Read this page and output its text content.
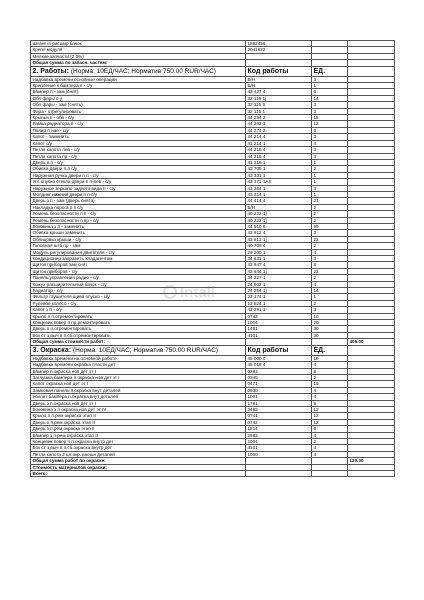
Шланг in расшир бачок	1862456		
Крепл модуля	2041622		
Мелкие запчасти (2.0%)			
Общая сумма по запасн. частям:			
2. Работы: (Норма: 10ЕД/ЧАС; Норматив 750.00 RUR/ЧАС)	Код работы	ЕД.	
Надбавка времени основные операции	Б/Н	3	
Крепление к бамперa п - с/у	Б/Н	1	
Бампер п - зам (снят)	43 427 4	6	
Обл фары с-у	32 116 1]	14	
Обл фары - зам (снять)	32 116 5	3	
Фара - отрегулировать	32 115 1	3	
Крылья п - оба - с/у	44 254 2	15	
Рамка радиатора п - с/у	44 263 3	12	
Полир п нае - с/у	44 274 2	6	
Капот - заменить	44 214 4	3	
Капот с/у	41 214 1	4	
Петля капота лев - с/у	44 216 4	3	
Петля капота пр - с/у	44 216 4	3	
Дверь п.п - с/у	41 316 1	1	
Обивка двери п.п с/у	43 705 1	2	
Наружная ручка двери п п - с/у	43 331 1	1	
Угл опуско стекла двери п п-лев - с/у	43 371 1AX	1	
Наружное зеркало заднего вида п - с/у	43 364 1	3	
Молдинг нижний двери п п-с/у	43 314 1	1	
Дверь з п - зам (дверь снята)	44 414 4	21	
Накладка порога п п с/у	Б/Н	2	
Ремень безопасности п п - с/у	40 222 1]	2	
Ремень безопасности п пр - с/у	40 222 1]	2	
Боковина з п - заменить	44 510 8	99	
Обивка крыши заменить	43 612 4	3	
Облицовка крыши - с/у	43 613 1]	22	
Головная штб пр - зам	40 708 4	2	
Модуль регулирования двигателя - с/у	29 200 1	4	
Кондиционер заправить хладагентом	34 631 1	3	
Щиток приборов зам снят	43 647 4	8	
Щиток приборов - с/у	43 644 1]	22	
Панель управления радио - с/у	34 227 1	2	
Кожух расширительный бачок - с/у	24 602 1	4	
Радиатор - с/у	24 254 1]	14	
Фильтр глушителя щива опуско - с/у	23 174 1	1	
Рулевое колесо - с/у	13 524 1	2	
Капот з п - с/у	43 281 1	3	
Крыло п п.отремонтировать	0743	10	
Концевик повер п пр.ремонтировать	1004	20	
Дверь п п.отремонтировать	1481	30	
Бок ст з выч п п.сб.отремонтировать	4101	30	
Общая сумма стоимости работ:			405.00
3. Окраска: (Норма: 10ЕД/ЧАС; Норматив 750.00 RUR/ЧАС)	Код работы	ЕД.	
Надбавка времени на основной работе	45 000 0	19	
Надбавка времени окраска пласти дет	45 018 4	4	
Бампер п.окраска нов дет эт I	0283	8	
Заглушка бампера п.окраска нов дет эт I	0345	2	
Капот окраска нов дет эт I	0471	15	
Замковая панель п.окраска внут деталей	0930	4	
Усилит бампера п.окраска внут деталей	1001	4	
Дверь з п.окраска нов дет эт I	1781	9	
Боковина з п окраска нов дет эт IV	3483	12	
Крыло п п.рем окраска этап II	0741	12	
Дверь п п.рем окраска этап II	0742	12	
Дверь з п.рем окраска этап II	1814	6	
Бампер з п.рем окраска этап II	2583	4	
Концевик повер п п.окраска внутр дет	1004	2	
Бок ст з выч п п.сб.окраска внутр дет	4101	4	
Петли капота 2 шт.окр. внешн деталей	1000	4	
Общая сумма работ по окраске:			120.00
Стоимость материалов окраски:			
Всего:			
Intall
